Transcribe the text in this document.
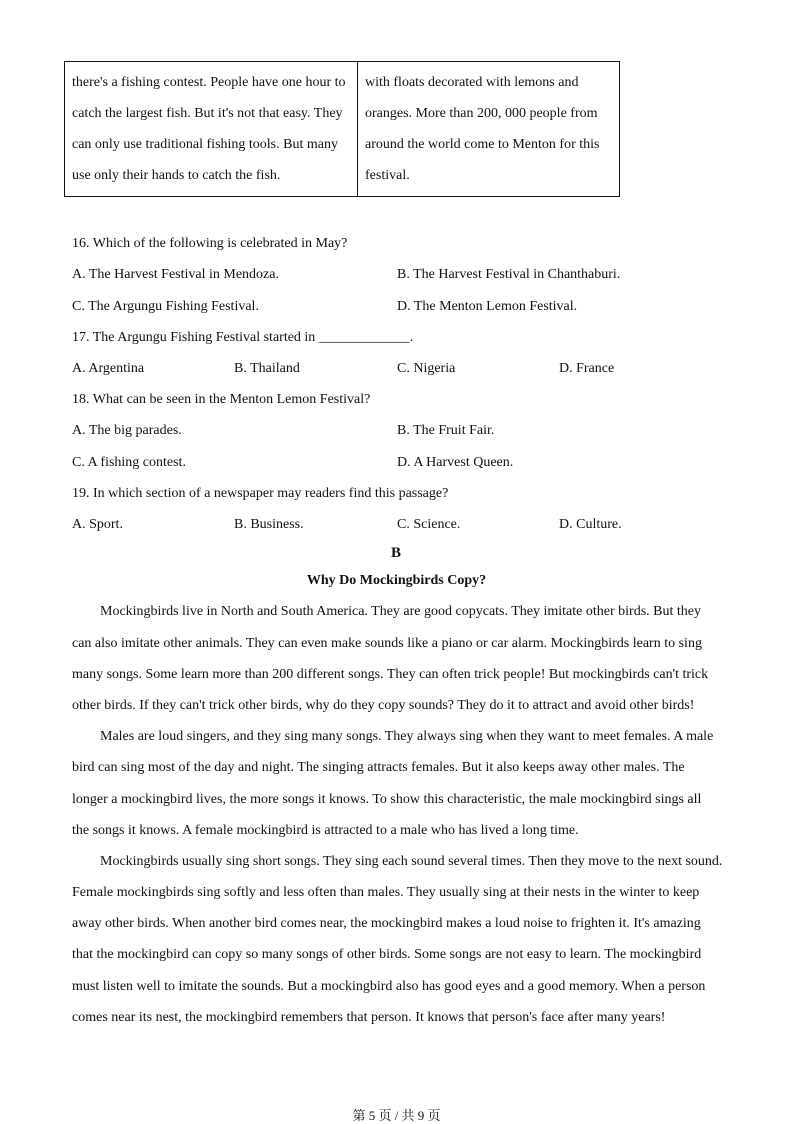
there's a fishing contest. People have one hour to
catch the largest fish. But it's not that easy. They
can only use traditional fishing tools. But many
use only their hands to catch the fish.

with floats decorated with lemons and
oranges. More than 200, 000 people from
around the world come to Menton for this
festival.
16. Which of the following is celebrated in May?
A. The Harvest Festival in Mendoza.	B. The Harvest Festival in Chanthaburi.
C. The Argungu Fishing Festival.	D. The Menton Lemon Festival.
17. The Argungu Fishing Festival started in _____________.
A. Argentina	B. Thailand	C. Nigeria	D. France
18. What can be seen in the Menton Lemon Festival?
A. The big parades.	B. The Fruit Fair.
C. A fishing contest.	D. A Harvest Queen.
19. In which section of a newspaper may readers find this passage?
A. Sport.	B. Business.	C. Science.	D. Culture.
B
Why Do Mockingbirds Copy?
Mockingbirds live in North and South America. They are good copycats. They imitate other birds. But they
can also imitate other animals. They can even make sounds like a piano or car alarm. Mockingbirds learn to sing
many songs. Some learn more than 200 different songs. They can often trick people! But mockingbirds can't trick
other birds. If they can't trick other birds, why do they copy sounds? They do it to attract and avoid other birds!
Males are loud singers, and they sing many songs. They always sing when they want to meet females. A male
bird can sing most of the day and night. The singing attracts females. But it also keeps away other males. The
longer a mockingbird lives, the more songs it knows. To show this characteristic, the male mockingbird sings all
the songs it knows. A female mockingbird is attracted to a male who has lived a long time.
Mockingbirds usually sing short songs. They sing each sound several times. Then they move to the next sound.
Female mockingbirds sing softly and less often than males. They usually sing at their nests in the winter to keep
away other birds. When another bird comes near, the mockingbird makes a loud noise to frighten it. It's amazing
that the mockingbird can copy so many songs of other birds. Some songs are not easy to learn. The mockingbird
must listen well to imitate the sounds. But a mockingbird also has good eyes and a good memory. When a person
comes near its nest, the mockingbird remembers that person. It knows that person's face after many years!
第 5 页 / 共 9 页
